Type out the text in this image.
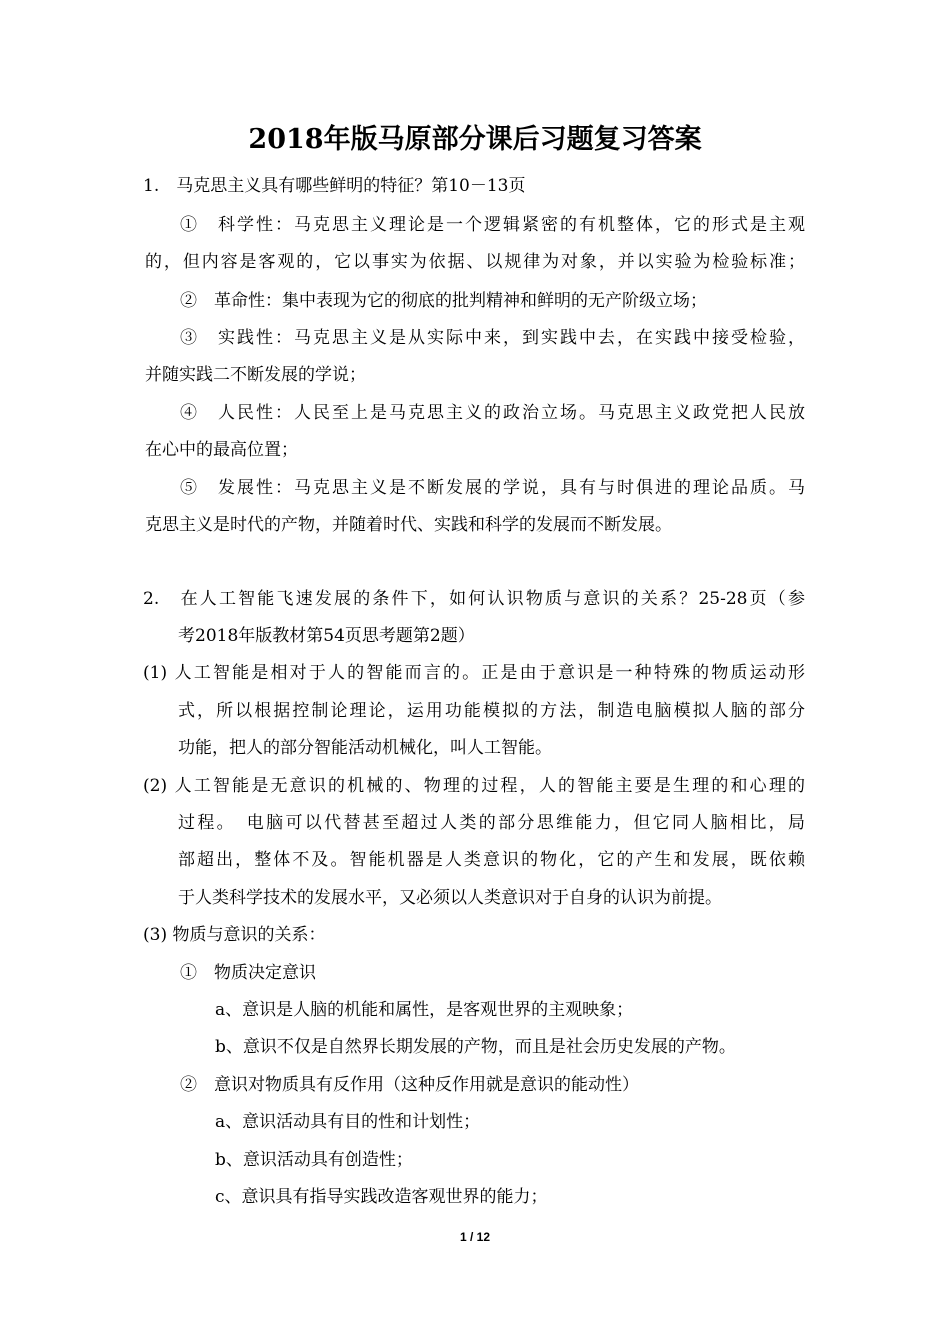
2018年版马原部分课后习题复习答案
1.　马克思主义具有哪些鲜明的特征？第10－13页
①　科学性：马克思主义理论是一个逻辑紧密的有机整体，它的形式是主观
的，但内容是客观的，它以事实为依据、以规律为对象，并以实验为检验标准；
②　革命性：集中表现为它的彻底的批判精神和鲜明的无产阶级立场；
③　实践性：马克思主义是从实际中来，到实践中去，在实践中接受检验，
并随实践二不断发展的学说；
④　人民性：人民至上是马克思主义的政治立场。马克思主义政党把人民放
在心中的最高位置；
⑤　发展性：马克思主义是不断发展的学说，具有与时俱进的理论品质。马
克思主义是时代的产物，并随着时代、实践和科学的发展而不断发展。
2.　在人工智能飞速发展的条件下，如何认识物质与意识的关系？25-28页（参
考2018年版教材第54页思考题第2题）
(1) 人工智能是相对于人的智能而言的。正是由于意识是一种特殊的物质运动形
式，所以根据控制论理论，运用功能模拟的方法，制造电脑模拟人脑的部分
功能，把人的部分智能活动机械化，叫人工智能。
(2) 人工智能是无意识的机械的、物理的过程，人的智能主要是生理的和心理的
过程。　电脑可以代替甚至超过人类的部分思维能力，但它同人脑相比，局
部超出，整体不及。智能机器是人类意识的物化，它的产生和发展，既依赖
于人类科学技术的发展水平，又必须以人类意识对于自身的认识为前提。
(3) 物质与意识的关系：
①　物质决定意识
a、意识是人脑的机能和属性，是客观世界的主观映象；
b、意识不仅是自然界长期发展的产物，而且是社会历史发展的产物。
②　意识对物质具有反作用（这种反作用就是意识的能动性）
a、意识活动具有目的性和计划性；
b、意识活动具有创造性；
c、意识具有指导实践改造客观世界的能力；
1 / 12
